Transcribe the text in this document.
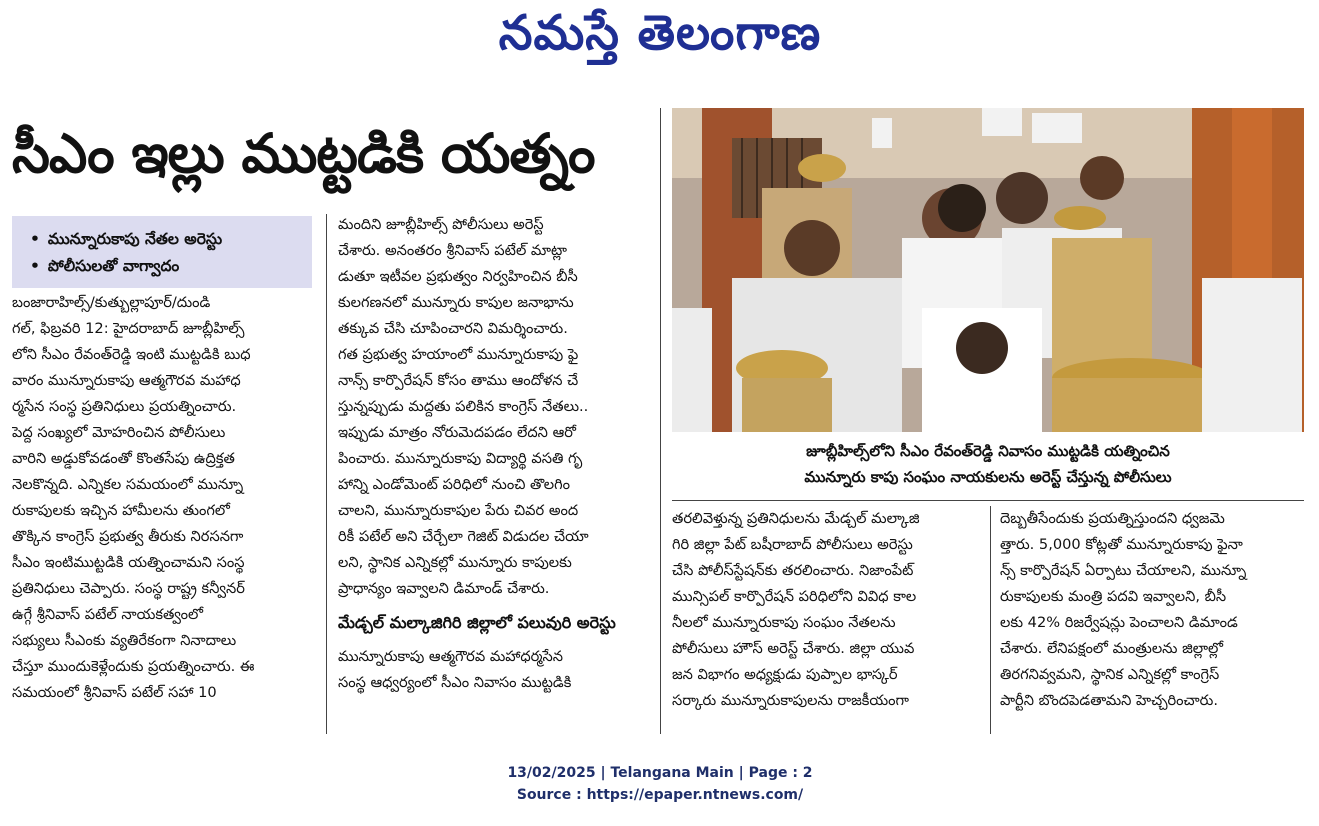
నమస్తే తెలంగాణ
సీఎం ఇల్లు ముట్టడికి యత్నం
• మున్నూరుకాపు నేతల అరెస్టు
• పోలీసులతో వాగ్వాదం
బంజారాహిల్స్/కుత్బుల్లాపూర్/దుండి
గల్, ఫిబ్రవరి 12: హైదరాబాద్ జూబ్లీహిల్స్
లోని సీఎం రేవంత్‌రెడ్డి ఇంటి ముట్టడికి బుధ
వారం మున్నూరుకాపు ఆత్మగౌరవ మహాధ
ర్మసేన సంస్థ ప్రతినిధులు ప్రయత్నించారు.
పెద్ద సంఖ్యలో మోహరించిన పోలీసులు
వారిని అడ్డుకోవడంతో కొంతసేపు ఉద్రిక్తత
నెలకొన్నది. ఎన్నికల సమయంలో మున్నూ
రుకాపులకు ఇచ్చిన హామీలను తుంగలో
తొక్కిన కాంగ్రెస్ ప్రభుత్వ తీరుకు నిరసనగా
సీఎం ఇంటిముట్టడికి యత్నించామని సంస్థ
ప్రతినిధులు చెప్పారు. సంస్థ రాష్ట్ర కన్వీనర్
ఉగ్గే శ్రీనివాస్ పటేల్ నాయకత్వంలో
సభ్యులు సీఎంకు వ్యతిరేకంగా నినాదాలు
చేస్తూ ముందుకెళ్లేందుకు ప్రయత్నించారు. ఈ
సమయంలో శ్రీనివాస్ పటేల్ సహా 10
మందిని జూబ్లీహిల్స్ పోలీసులు అరెస్ట్
చేశారు. అనంతరం శ్రీనివాస్ పటేల్ మాట్లా
డుతూ ఇటీవల ప్రభుత్వం నిర్వహించిన బీసీ
కులగణనలో మున్నూరు కాపుల జనాభాను
తక్కువ చేసి చూపించారని విమర్శించారు.
గత ప్రభుత్వ హయాంలో మున్నూరుకాపు ఫై
నాన్స్ కార్పొరేషన్ కోసం తాము ఆందోళన చే
స్తున్నప్పుడు మద్దతు పలికిన కాంగ్రెస్ నేతలు..
ఇప్పుడు మాత్రం నోరుమెదపడం లేదని ఆరో
పించారు. మున్నూరుకాపు విద్యార్థి వసతి గృ
హాన్ని ఎండోమెంట్ పరిధిలో నుంచి తొలగిం
చాలని, మున్నూరుకాపుల పేరు చివర అంద
రికీ పటేల్ అని చేర్చేలా గెజిట్ విడుదల చేయా
లని, స్థానిక ఎన్నికల్లో మున్నూరు కాపులకు
ప్రాధాన్యం ఇవ్వాలని డిమాండ్ చేశారు.
మేడ్చల్ మల్కాజిగిరి జిల్లాలో పలువురి అరెస్టు
మున్నూరుకాపు ఆత్మగౌరవ మహాధర్మసేన
సంస్థ ఆధ్వర్యంలో సీఎం నివాసం ముట్టడికి
జూబ్లీహిల్స్‌లోని సీఎం రేవంత్‌రెడ్డి నివాసం ముట్టడికి యత్నించిన
మున్నూరు కాపు సంఘం నాయకులను అరెస్ట్ చేస్తున్న పోలీసులు
తరలివెళ్తున్న ప్రతినిధులను మేడ్చల్ మల్కాజి
గిరి జిల్లా పేట్ బషీరాబాద్ పోలీసులు అరెస్టు
చేసి పోలీస్‌స్టేషన్‌కు తరలించారు. నిజాంపేట్
మున్సిపల్ కార్పొరేషన్ పరిధిలోని వివిధ కాల
నీలలో మున్నూరుకాపు సంఘం నేతలను
పోలీసులు హౌస్ అరెస్ట్ చేశారు. జిల్లా యువ
జన విభాగం అధ్యక్షుడు పుప్పాల భాస్కర్
సర్కారు మున్నూరుకాపులను రాజకీయంగా
దెబ్బతీసేందుకు ప్రయత్నిస్తుందని ధ్వజమె
త్తారు. 5,000 కోట్లతో మున్నూరుకాపు ఫైనా
న్స్ కార్పొరేషన్ ఏర్పాటు చేయాలని, మున్నూ
రుకాపులకు మంత్రి పదవి ఇవ్వాలని, బీసీ
లకు 42% రిజర్వేషన్లు పెంచాలని డిమాండ
చేశారు. లేనిపక్షంలో మంత్రులను జిల్లాల్లో
తిరగనివ్వమని, స్థానిక ఎన్నికల్లో కాంగ్రెస్
పార్టీని బొందపెడతామని హెచ్చరించారు.
13/02/2025 | Telangana Main | Page : 2
Source : https://epaper.ntnews.com/
